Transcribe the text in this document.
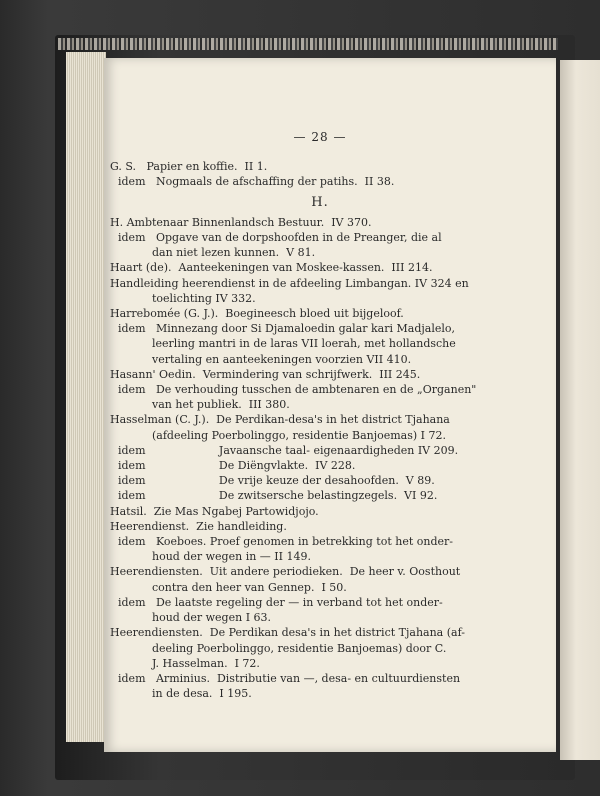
— 28 —
G. S.   Papier en koffie.  II 1.
idem   Nogmaals de afschaffing der patihs.  II 38.
H.
H. Ambtenaar Binnenlandsch Bestuur.  IV 370.
idem   Opgave van de dorpshoofden in de Preanger, die al
dan niet lezen kunnen.  V 81.
Haart (de).  Aanteekeningen van Moskee-kassen.  III 214.
Handleiding heerendienst in de afdeeling Limbangan. IV 324 en
toelichting IV 332.
Harrebomée (G. J.).  Boegineesch bloed uit bijgeloof.
idem   Minnezang door Si Djamaloedin galar kari Madjalelo,
leerling mantri in de laras VII loerah, met hollandsche
vertaling en aanteekeningen voorzien VII 410.
Hasann' Oedin.  Vermindering van schrijfwerk.  III 245.
idem   De verhouding tusschen de ambtenaren en de „Organen"
van het publiek.  III 380.
Hasselman (C. J.).  De Perdikan-desa's in het district Tjahana
(afdeeling Poerbolinggo, residentie Banjoemas) I 72.
idem                     Javaansche taal- eigenaardigheden IV 209.
idem                     De Diëngvlakte.  IV 228.
idem                     De vrije keuze der desahoofden.  V 89.
idem                     De zwitsersche belastingzegels.  VI 92.
Hatsil.  Zie Mas Ngabej Partowidjojo.
Heerendienst.  Zie handleiding.
idem   Koeboes. Proef genomen in betrekking tot het onder-
houd der wegen in — II 149.
Heerendiensten.  Uit andere periodieken.  De heer v. Oosthout
contra den heer van Gennep.  I 50.
idem   De laatste regeling der — in verband tot het onder-
houd der wegen I 63.
Heerendiensten.  De Perdikan desa's in het district Tjahana (af-
deeling Poerbolinggo, residentie Banjoemas) door C.
J. Hasselman.  I 72.
idem   Arminius.  Distributie van —, desa- en cultuurdiensten
in de desa.  I 195.
